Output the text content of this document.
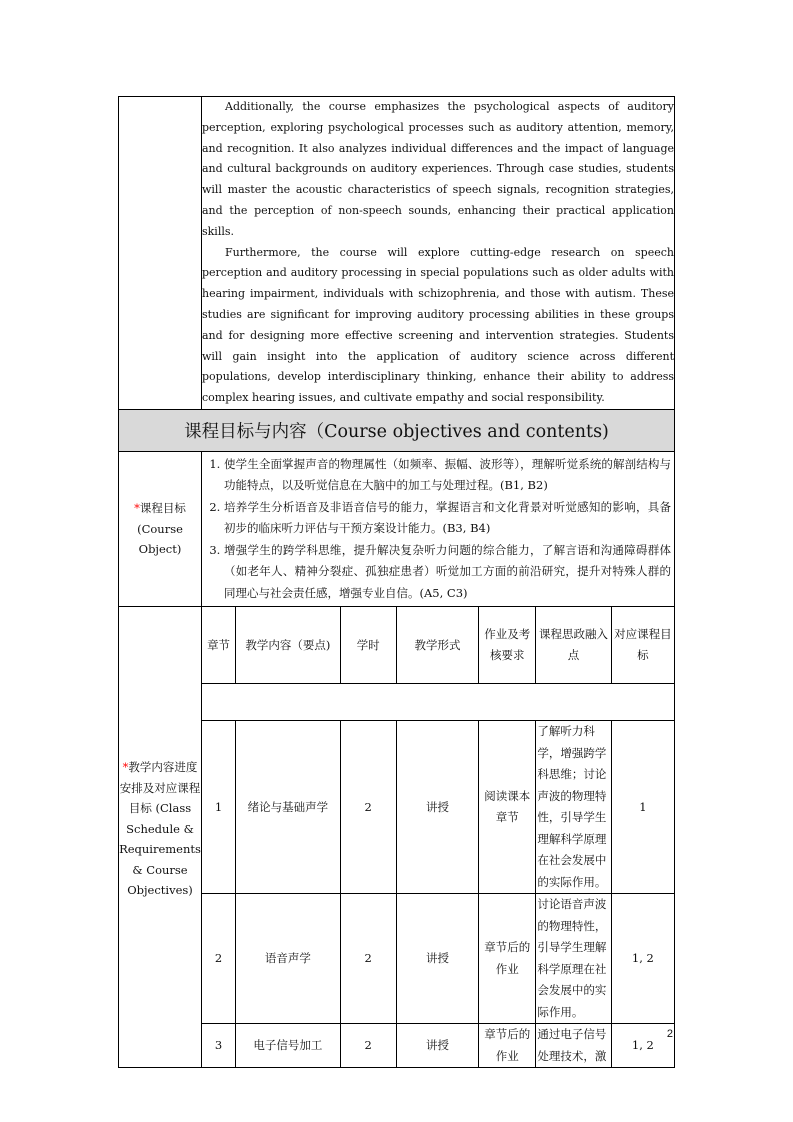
Additionally, the course emphasizes the psychological aspects of auditory perception, exploring psychological processes such as auditory attention, memory, and recognition. It also analyzes individual differences and the impact of language and cultural backgrounds on auditory experiences. Through case studies, students will master the acoustic characteristics of speech signals, recognition strategies, and the perception of non-speech sounds, enhancing their practical application skills.

Furthermore, the course will explore cutting-edge research on speech perception and auditory processing in special populations such as older adults with hearing impairment, individuals with schizophrenia, and those with autism. These studies are significant for improving auditory processing abilities in these groups and for designing more effective screening and intervention strategies. Students will gain insight into the application of auditory science across different populations, develop interdisciplinary thinking, enhance their ability to address complex hearing issues, and cultivate empathy and social responsibility.

课程目标与内容（Course objectives and contents)
*课程目标
(Course Object)	
1. 使学生全面掌握声音的物理属性（如频率、振幅、波形等），理解听觉系统的解剖结构与功能特点，以及听觉信息在大脑中的加工与处理过程。(B1, B2)
2. 培养学生分析语音及非语音信号的能力，掌握语言和文化背景对听觉感知的影响，具备初步的临床听力评估与干预方案设计能力。(B3, B4)
3. 增强学生的跨学科思维，提升解决复杂听力问题的综合能力，了解言语和沟通障碍群体（如老年人、精神分裂症、孤独症患者）听觉加工方面的前沿研究，提升对特殊人群的同理心与社会责任感，增强专业自信。(A5, C3)

*教学内容进度安排及对应课程目标 (Class Schedule & Requirements & Course Objectives)	
章节	教学内容（要点)	学时	教学形式	作业及考核要求	课程思政融入点	对应课程目标

1	绪论与基础声学	2	讲授	阅读课本章节	了解听力科学，增强跨学科思维；讨论声波的物理特性，引导学生理解科学原理在社会发展中的实际作用。	1
2	语音声学	2	讲授	章节后的作业	讨论语音声波的物理特性，引导学生理解科学原理在社会发展中的实际作用。	1, 2
3	电子信号加工	2	讲授	章节后的作业	通过电子信号处理技术，激	1, 2
2
